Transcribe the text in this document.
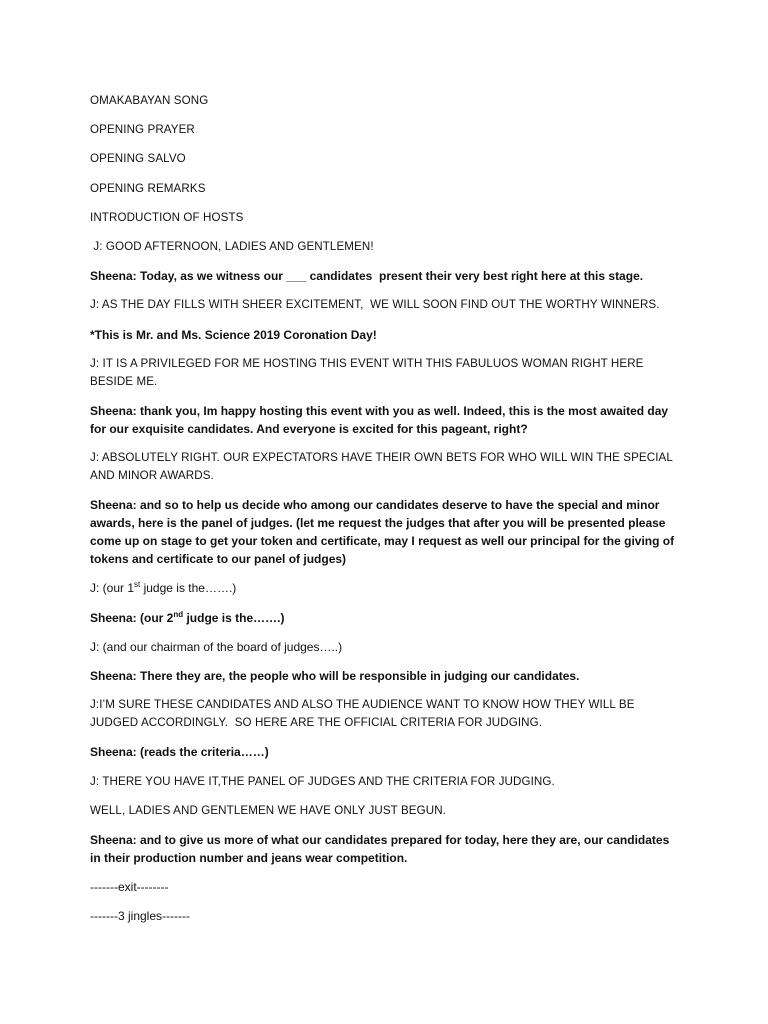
OMAKABAYAN SONG

OPENING PRAYER

OPENING SALVO

OPENING REMARKS

INTRODUCTION OF HOSTS

J: GOOD AFTERNOON, LADIES AND GENTLEMEN!

Sheena: Today, as we witness our ___ candidates  present their very best right here at this stage.

J: AS THE DAY FILLS WITH SHEER EXCITEMENT,  WE WILL SOON FIND OUT THE WORTHY WINNERS.

*This is Mr. and Ms. Science 2019 Coronation Day!

J: IT IS A PRIVILEGED FOR ME HOSTING THIS EVENT WITH THIS FABULUOS WOMAN RIGHT HERE BESIDE ME.

Sheena: thank you, Im happy hosting this event with you as well. Indeed, this is the most awaited day for our exquisite candidates. And everyone is excited for this pageant, right?

J: ABSOLUTELY RIGHT. OUR EXPECTATORS HAVE THEIR OWN BETS FOR WHO WILL WIN THE SPECIAL AND MINOR AWARDS.

Sheena: and so to help us decide who among our candidates deserve to have the special and minor awards, here is the panel of judges. (let me request the judges that after you will be presented please come up on stage to get your token and certificate, may I request as well our principal for the giving of tokens and certificate to our panel of judges)

J: (our 1st judge is the…….)

Sheena: (our 2nd judge is the…….)

J: (and our chairman of the board of judges…..)

Sheena: There they are, the people who will be responsible in judging our candidates.

J:I’M SURE THESE CANDIDATES AND ALSO THE AUDIENCE WANT TO KNOW HOW THEY WILL BE JUDGED ACCORDINGLY.  SO HERE ARE THE OFFICIAL CRITERIA FOR JUDGING.

Sheena: (reads the criteria……)

J: THERE YOU HAVE IT,THE PANEL OF JUDGES AND THE CRITERIA FOR JUDGING.

WELL, LADIES AND GENTLEMEN WE HAVE ONLY JUST BEGUN.

Sheena: and to give us more of what our candidates prepared for today, here they are, our candidates in their production number and jeans wear competition.

-------exit--------

-------3 jingles-------
